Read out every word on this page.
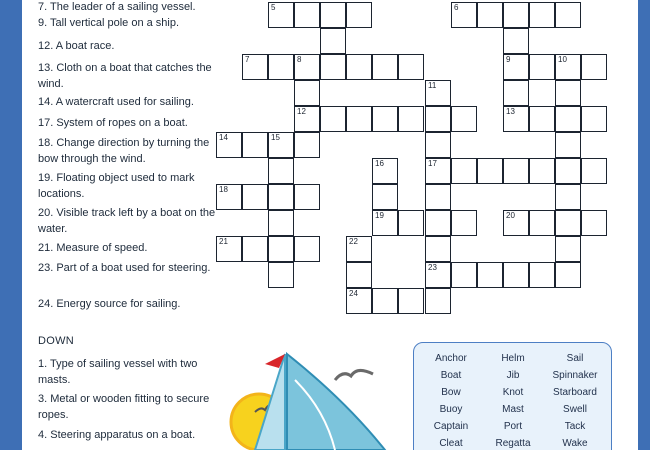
7. The leader of a sailing vessel.
9. Tall vertical pole on a ship.
12. A boat race.
13. Cloth on a boat that catches the wind.
14. A watercraft used for sailing.
17. System of ropes on a boat.
18. Change direction by turning the bow through the wind.
19. Floating object used to mark locations.
20. Visible track left by a boat on the water.
21. Measure of speed.
23. Part of a boat used for steering.
24. Energy source for sailing.
DOWN
1. Type of sailing vessel with two masts.
3. Metal or wooden fitting to secure ropes.
4. Steering apparatus on a boat.
5	6
7	8	9	10
11
12	13
14	15
16	17
18
19	20
21	22
23
24
Anchor	Helm	Sail
Boat	Jib	Spinnaker
Bow	Knot	Starboard
Buoy	Mast	Swell
Captain	Port	Tack
Cleat	Regatta	Wake
